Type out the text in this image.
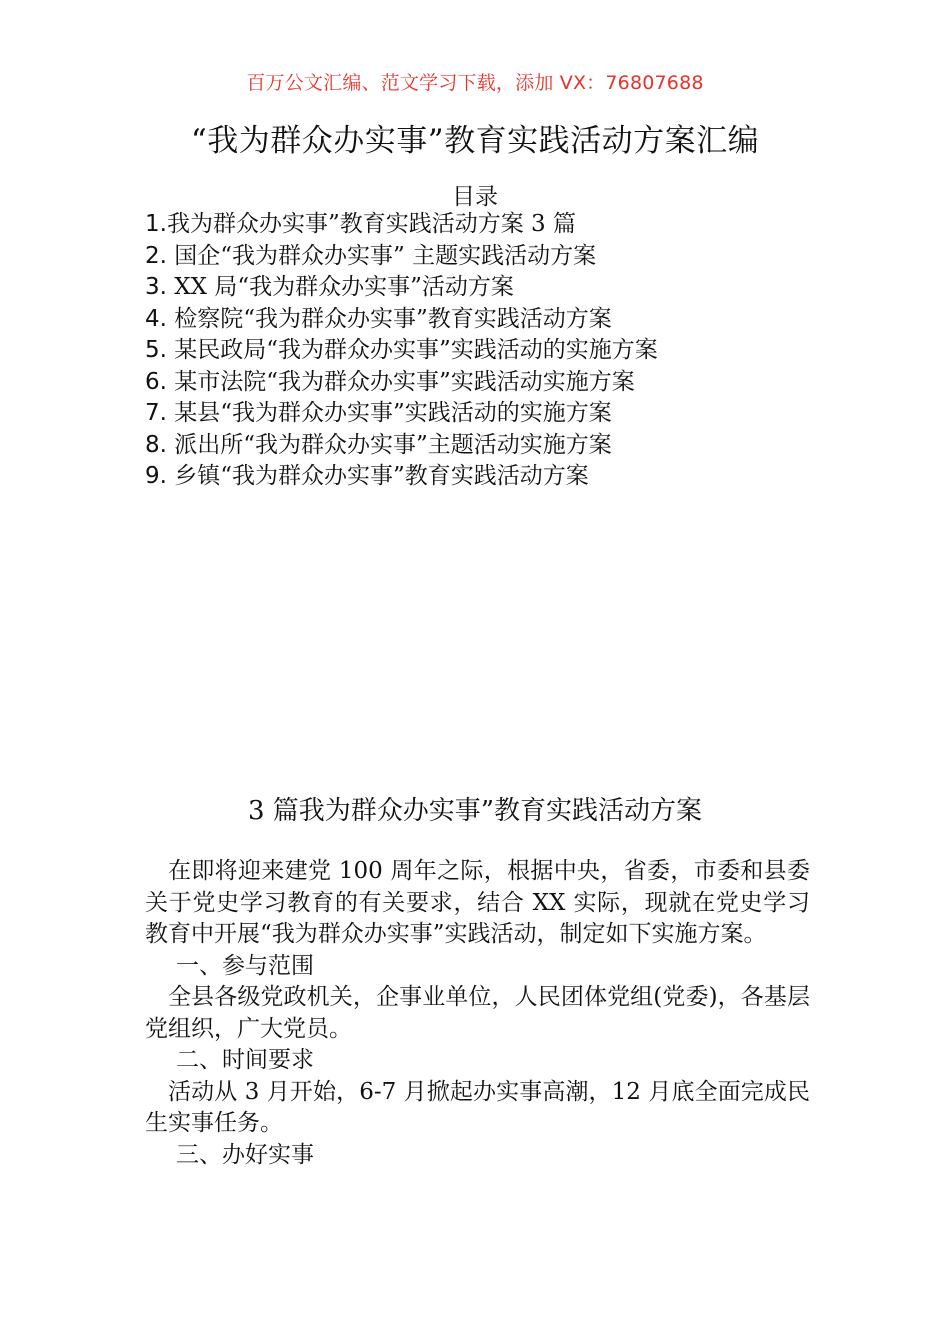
百万公文汇编、范文学习下载，添加 VX：76807688
“我为群众办实事”教育实践活动方案汇编
目录
1.我为群众办实事”教育实践活动方案 3 篇
2. 国企“我为群众办实事” 主题实践活动方案
3. XX 局“我为群众办实事”活动方案
4. 检察院“我为群众办实事”教育实践活动方案
5. 某民政局“我为群众办实事”实践活动的实施方案
6. 某市法院“我为群众办实事”实践活动实施方案
7. 某县“我为群众办实事”实践活动的实施方案
8. 派出所“我为群众办实事”主题活动实施方案
9. 乡镇“我为群众办实事”教育实践活动方案
3 篇我为群众办实事”教育实践活动方案

在即将迎来建党 100 周年之际，根据中央，省委，市委和县委关于党史学习教育的有关要求，结合 XX 实际，现就在党史学习教育中开展“我为群众办实事”实践活动，制定如下实施方案。

一、参与范围

全县各级党政机关，企事业单位，人民团体党组(党委)，各基层党组织，广大党员。

二、时间要求

活动从 3 月开始，6-7 月掀起办实事高潮，12 月底全面完成民生实事任务。

三、办好实事
